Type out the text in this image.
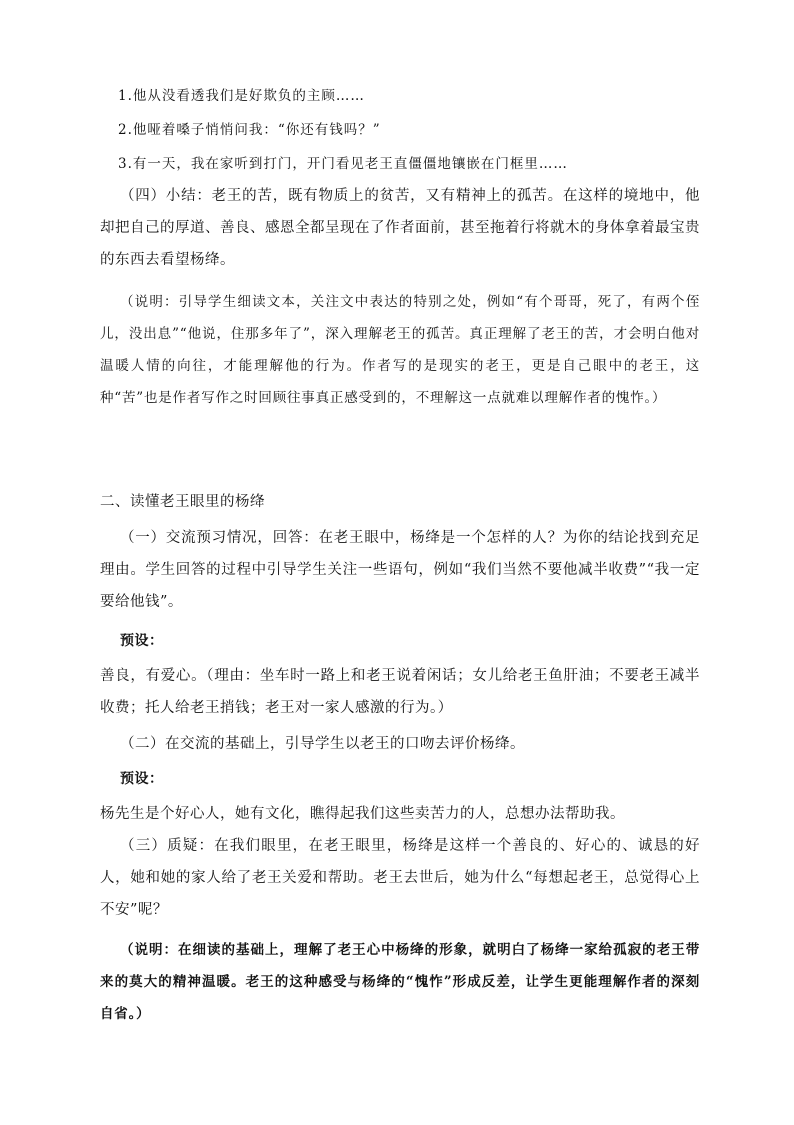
1.他从没看透我们是好欺负的主顾……

2.他哑着嗓子悄悄问我：“你还有钱吗？”

3.有一天，我在家听到打门，开门看见老王直僵僵地镶嵌在门框里……

（四）小结：老王的苦，既有物质上的贫苦，又有精神上的孤苦。在这样的境地中，他却把自己的厚道、善良、感恩全都呈现在了作者面前，甚至拖着行将就木的身体拿着最宝贵的东西去看望杨绛。

（说明：引导学生细读文本，关注文中表达的特别之处，例如“有个哥哥，死了，有两个侄儿，没出息”“他说，住那多年了”，深入理解老王的孤苦。真正理解了老王的苦，才会明白他对温暖人情的向往，才能理解他的行为。作者写的是现实的老王，更是自己眼中的老王，这种“苦”也是作者写作之时回顾往事真正感受到的，不理解这一点就难以理解作者的愧怍。）

二、读懂老王眼里的杨绛

（一）交流预习情况，回答：在老王眼中，杨绛是一个怎样的人？为你的结论找到充足理由。学生回答的过程中引导学生关注一些语句，例如“我们当然不要他减半收费”“我一定要给他钱”。

预设：

善良，有爱心。（理由：坐车时一路上和老王说着闲话；女儿给老王鱼肝油；不要老王减半收费；托人给老王捎钱；老王对一家人感激的行为。）

（二）在交流的基础上，引导学生以老王的口吻去评价杨绛。

预设：

杨先生是个好心人，她有文化，瞧得起我们这些卖苦力的人，总想办法帮助我。

（三）质疑：在我们眼里，在老王眼里，杨绛是这样一个善良的、好心的、诚恳的好人，她和她的家人给了老王关爱和帮助。老王去世后，她为什么“每想起老王，总觉得心上不安”呢？

（说明：在细读的基础上，理解了老王心中杨绛的形象，就明白了杨绛一家给孤寂的老王带来的莫大的精神温暖。老王的这种感受与杨绛的“愧怍”形成反差，让学生更能理解作者的深刻自省。）
